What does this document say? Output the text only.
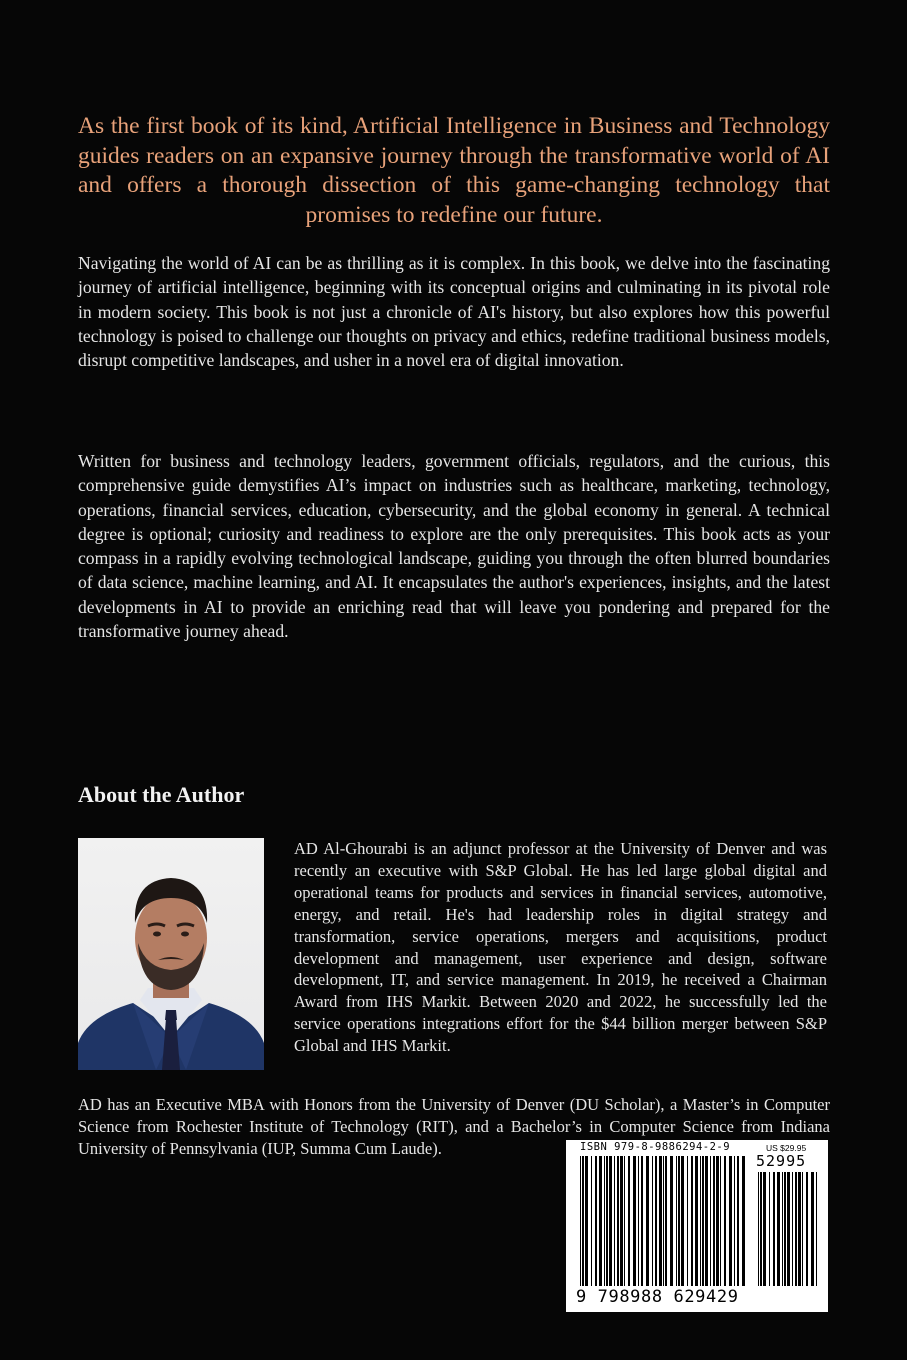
As the first book of its kind, Artificial Intelligence in Business and Technology guides readers on an expansive journey through the transformative world of AI and offers a thorough dissection of this game-changing technology that promises to redefine our future.
Navigating the world of AI can be as thrilling as it is complex. In this book, we delve into the fascinating journey of artificial intelligence, beginning with its conceptual origins and culminating in its pivotal role in modern society. This book is not just a chronicle of AI's history, but also explores how this powerful technology is poised to challenge our thoughts on privacy and ethics, redefine traditional business models, disrupt competitive landscapes, and usher in a novel era of digital innovation.
Written for business and technology leaders, government officials, regulators, and the curious, this comprehensive guide demystifies AI’s impact on industries such as healthcare, marketing, technology, operations, financial services, education, cybersecurity, and the global economy in general. A technical degree is optional; curiosity and readiness to explore are the only prerequisites. This book acts as your compass in a rapidly evolving technological landscape, guiding you through the often blurred boundaries of data science, machine learning, and AI. It encapsulates the author's experiences, insights, and the latest developments in AI to provide an enriching read that will leave you pondering and prepared for the transformative journey ahead.
About the Author
AD Al-Ghourabi is an adjunct professor at the University of Denver and was recently an executive with S&P Global. He has led large global digital and operational teams for products and services in financial services, automotive, energy, and retail. He's had leadership roles in digital strategy and transformation, service operations, mergers and acquisitions, product development and management, user experience and design, software development, IT, and service management. In 2019, he received a Chairman Award from IHS Markit. Between 2020 and 2022, he successfully led the service operations integrations effort for the $44 billion merger between S&P Global and IHS Markit.
AD has an Executive MBA with Honors from the University of Denver (DU Scholar), a Master’s in Computer Science from Rochester Institute of Technology (RIT), and a Bachelor’s in Computer Science from Indiana University of Pennsylvania (IUP, Summa Cum Laude).	ISBN 979-8-9886294-2-9	US $29.95
52995
9 798988 629429
